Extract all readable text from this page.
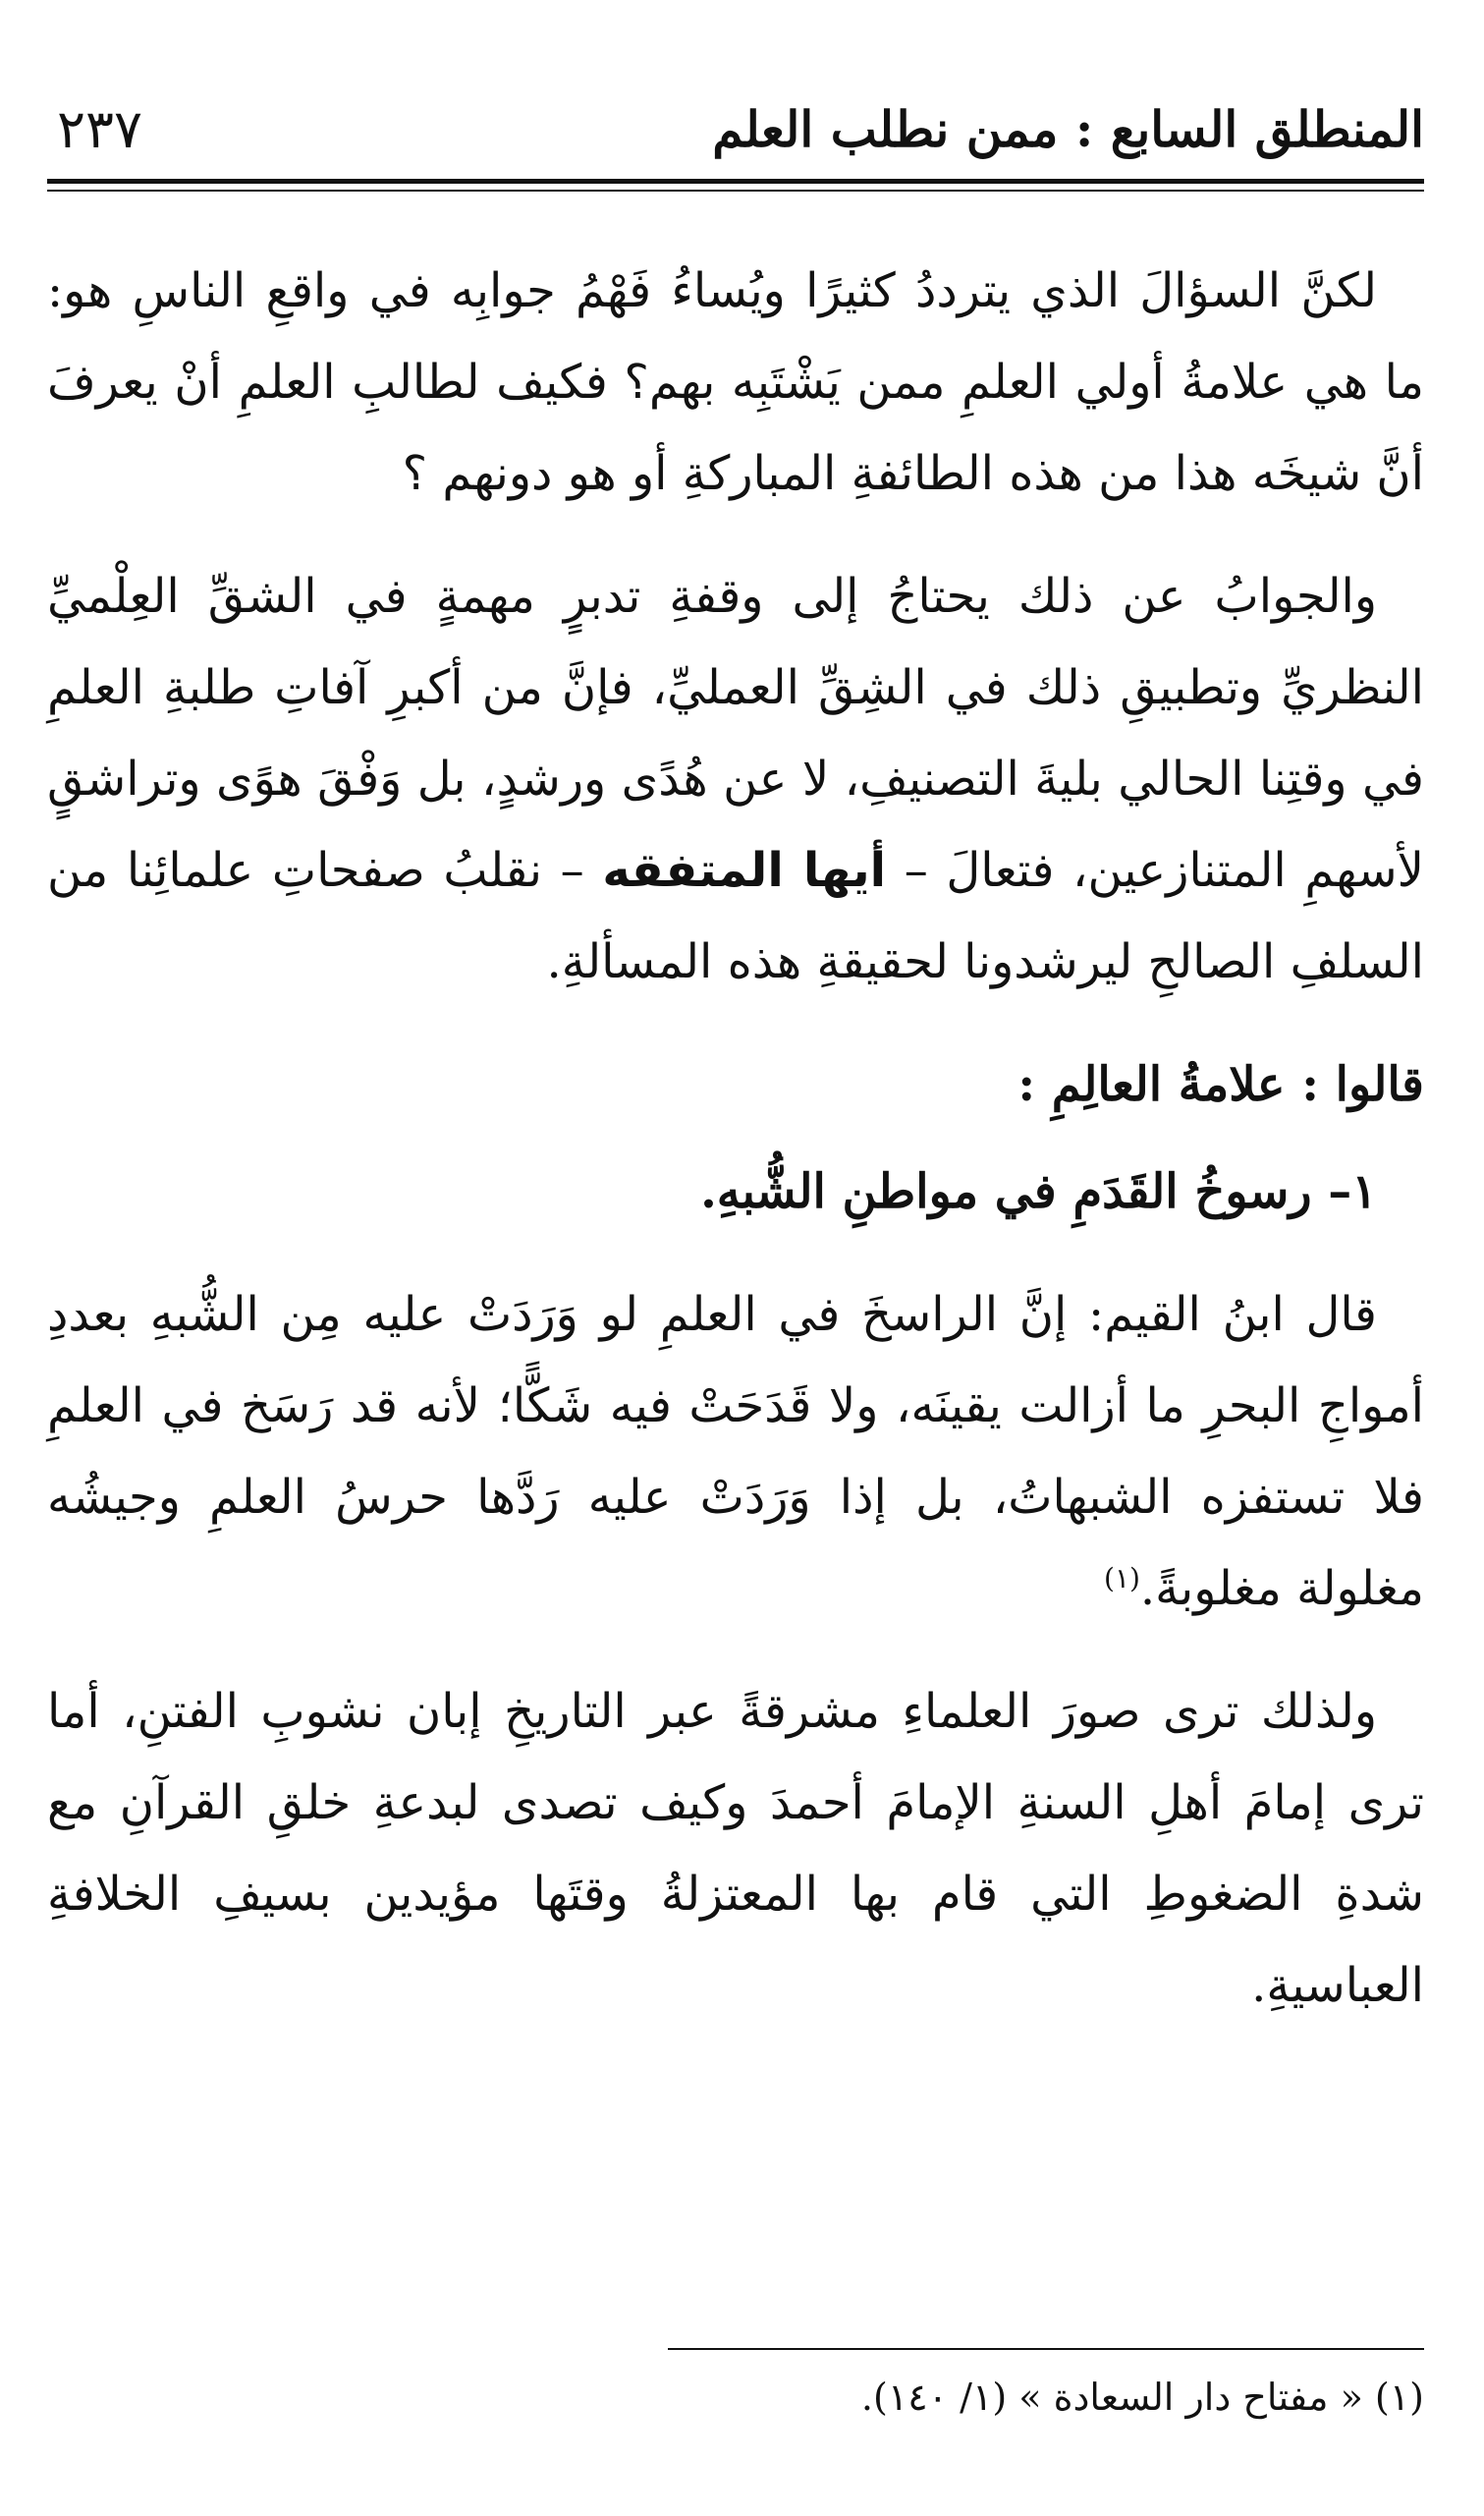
المنطلق السابع : ممن نطلب العلم
٢٣٧

لكنَّ السؤالَ الذي يترددُ كثيرًا ويُساءُ فَهْمُ جوابِه في واقعِ الناسِ هو: ما هي علامةُ أولي العلمِ ممن يَشْتَبِه بهم؟ فكيف لطالبِ العلمِ أنْ يعرفَ أنَّ شيخَه هذا من هذه الطائفةِ المباركةِ أو هو دونهم ؟

والجوابُ عن ذلك يحتاجُ إلى وقفةِ تدبرٍ مهمةٍ في الشقِّ العِلْميِّ النظريِّ وتطبيقِ ذلك في الشِقِّ العمليِّ، فإنَّ من أكبرِ آفاتِ طلبةِ العلمِ في وقتِنا الحالي بليةَ التصنيفِ، لا عن هُدًى ورشدٍ، بل وَفْقَ هوًى وتراشقٍ لأسهمِ المتنازعين، فتعالَ – أيها المتفقه – نقلبُ صفحاتِ علمائِنا من السلفِ الصالحِ ليرشدونا لحقيقةِ هذه المسألةِ.

قالوا : علامةُ العالِمِ :

١– رسوخُ القَدَمِ في مواطنِ الشُّبهِ.

قال ابنُ القيم: إنَّ الراسخَ في العلمِ لو وَرَدَتْ عليه مِن الشُّبهِ بعددِ أمواجِ البحرِ ما أزالت يقينَه، ولا قَدَحَتْ فيه شَكًّا؛ لأنه قد رَسَخ في العلمِ فلا تستفزه الشبهاتُ، بل إذا وَرَدَتْ عليه رَدَّها حرسُ العلمِ وجيشُه مغلولة مغلوبةً.$^{(١)}$

ولذلك ترى صورَ العلماءِ مشرقةً عبر التاريخِ إبان نشوبِ الفتنِ، أما ترى إمامَ أهلِ السنةِ الإمامَ أحمدَ وكيف تصدى لبدعةِ خلقِ القرآنِ مع شدةِ الضغوطِ التي قام بها المعتزلةُ وقتَها مؤيدين بسيفِ الخلافةِ العباسيةِ.

(١) « مفتاح دار السعادة » (١/ ١٤٠).
